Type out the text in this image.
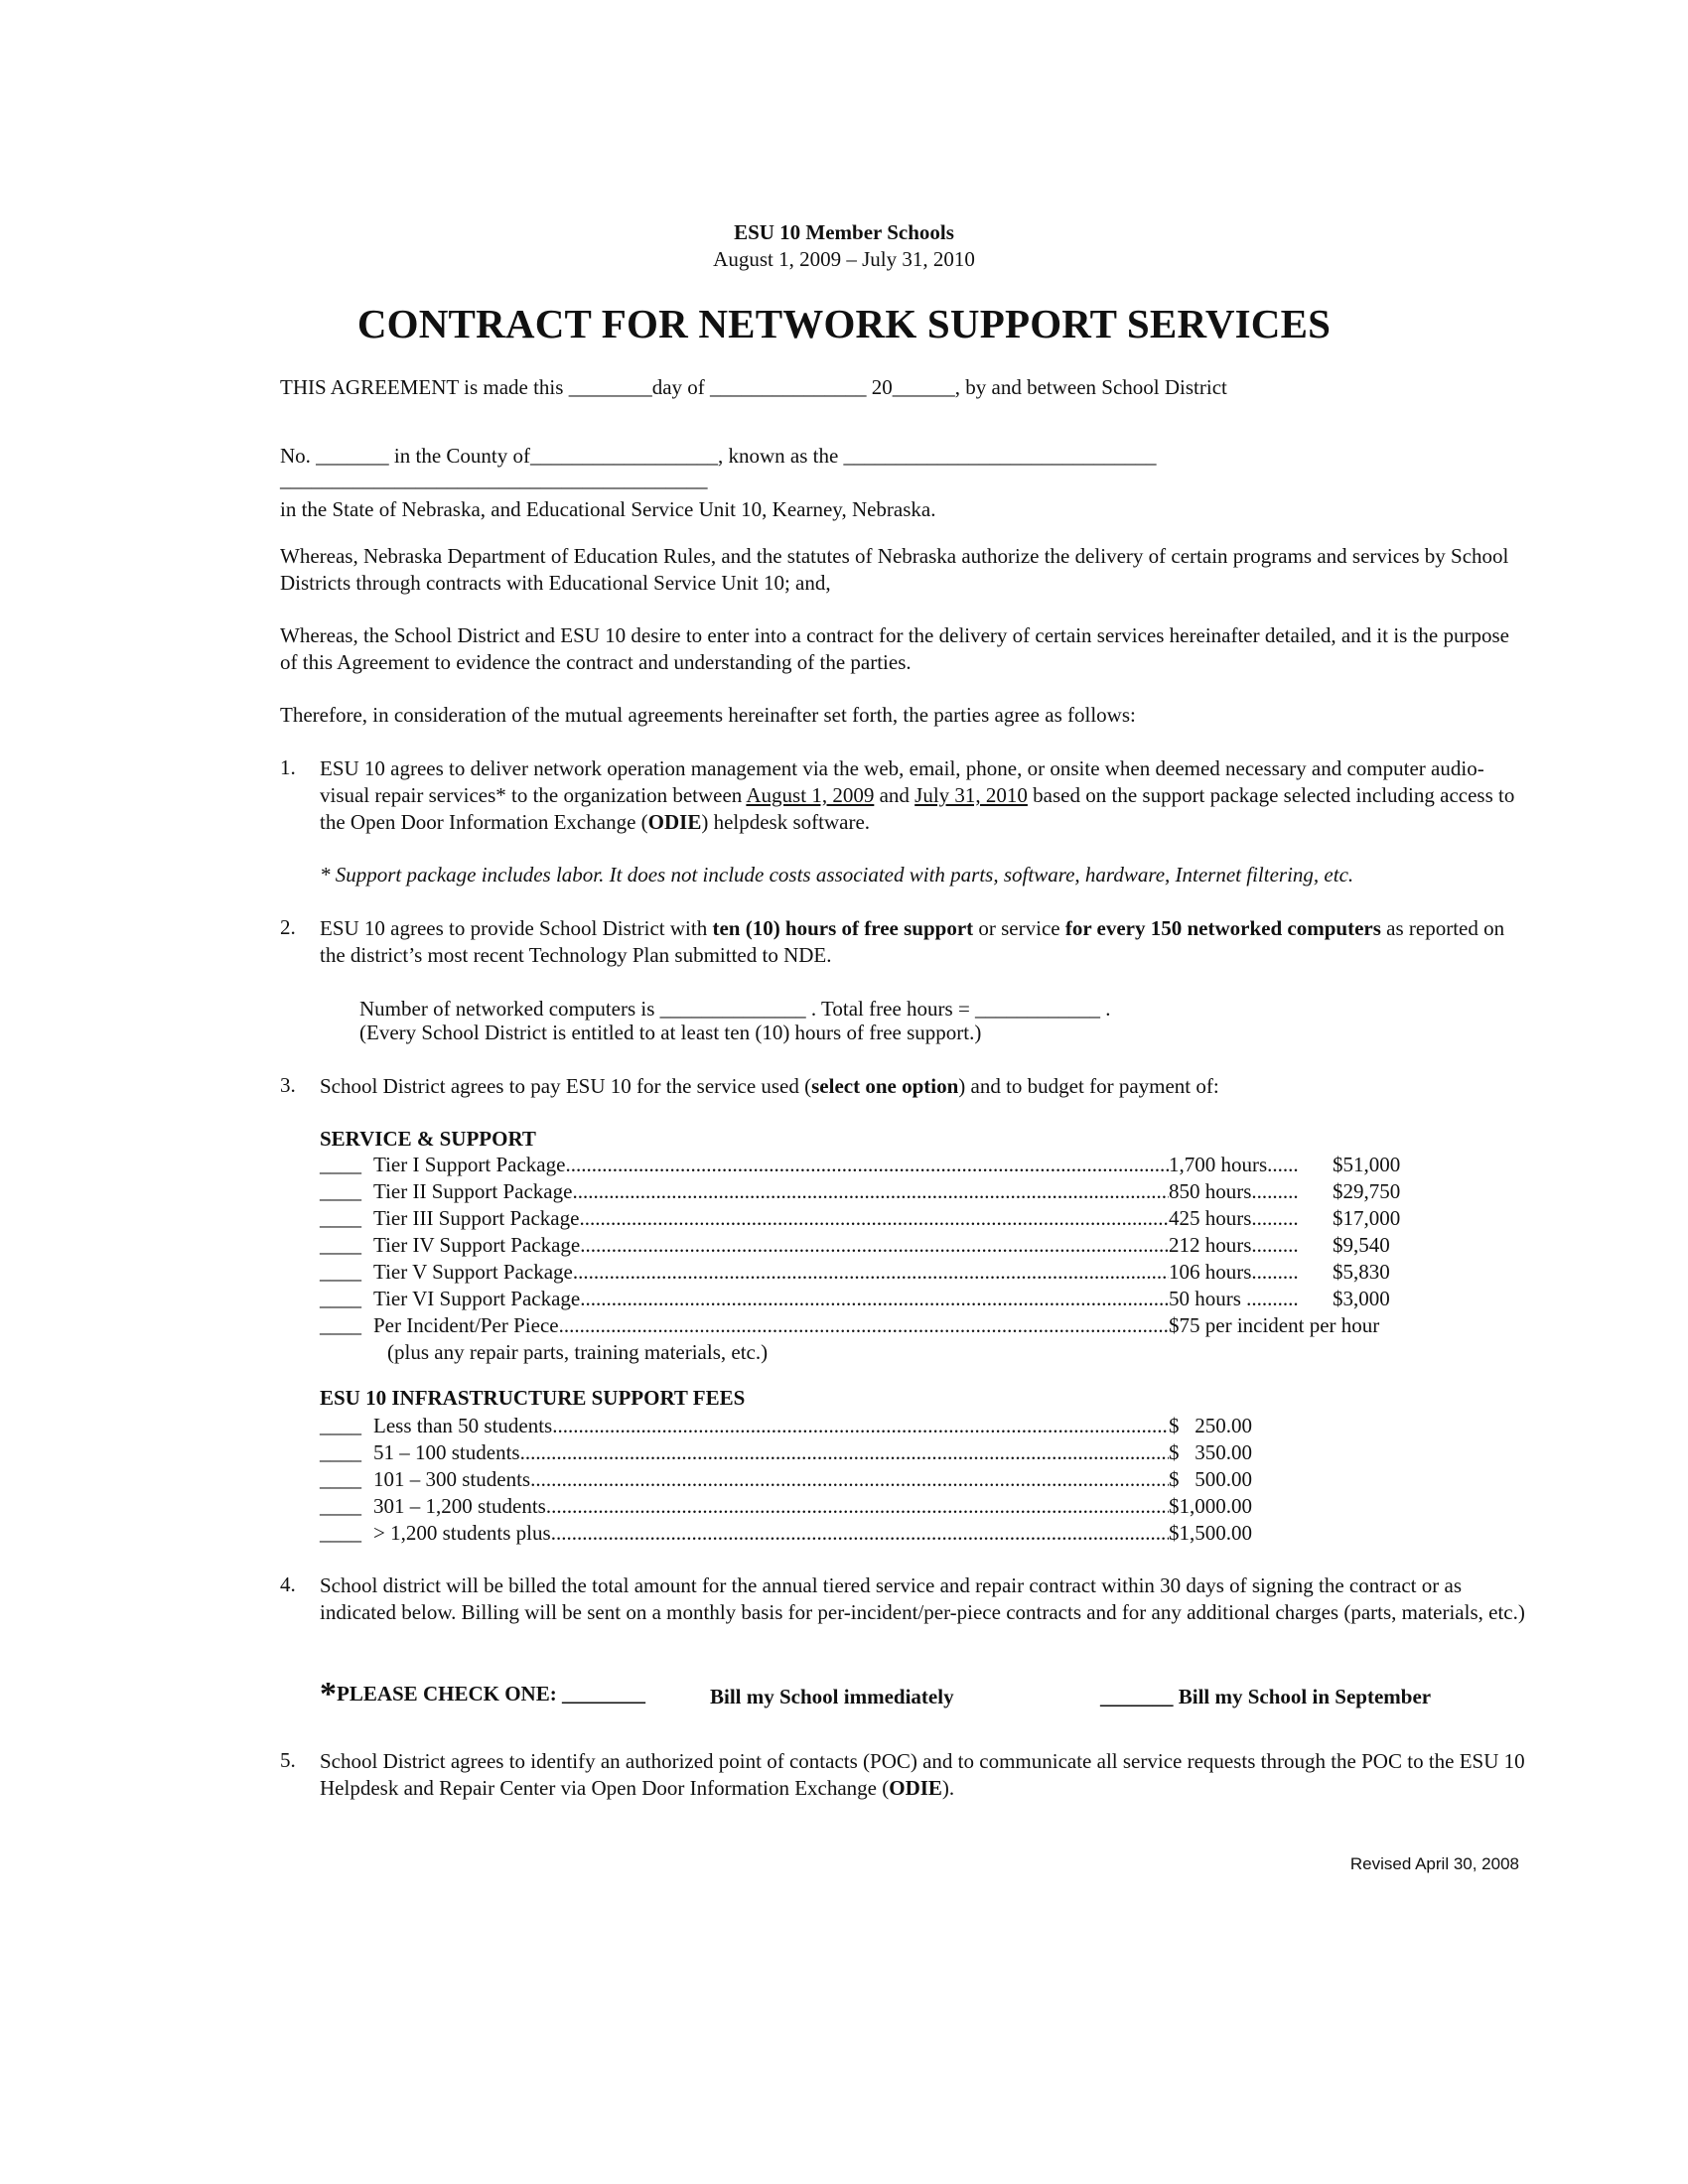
ESU 10 Member Schools
August 1, 2009 – July 31, 2010
CONTRACT FOR NETWORK SUPPORT SERVICES
THIS AGREEMENT is made this ________day of _______________ 20______, by and between School District
No. _______ in the County of__________________, known as the ______________________________
_________________________________________
in the State of Nebraska, and Educational Service Unit 10, Kearney, Nebraska.

Whereas, Nebraska Department of Education Rules, and the statutes of Nebraska authorize the delivery of certain programs and services by School Districts through contracts with Educational Service Unit 10; and,

Whereas, the School District and ESU 10 desire to enter into a contract for the delivery of certain services hereinafter detailed, and it is the purpose of this Agreement to evidence the contract and understanding of the parties.

Therefore, in consideration of the mutual agreements hereinafter set forth, the parties agree as follows:

1. ESU 10 agrees to deliver network operation management via the web, email, phone, or onsite when deemed necessary and computer audio-visual repair services* to the organization between August 1, 2009 and July 31, 2010 based on the support package selected including access to the Open Door Information Exchange (ODIE) helpdesk software.

* Support package includes labor. It does not include costs associated with parts, software, hardware, Internet filtering, etc.

2. ESU 10 agrees to provide School District with ten (10) hours of free support or service for every 150 networked computers as reported on the district’s most recent Technology Plan submitted to NDE.

Number of networked computers is ______________ . Total free hours = ____________ .
(Every School District is entitled to at least ten (10) hours of free support.)
3. School District agrees to pay ESU 10 for the service used (select one option) and to budget for payment of:

SERVICE & SUPPORT
____ Tier I Support Package .....	1,700 hours......	$51,000
____ Tier II Support Package .....	850 hours.........	$29,750
____ Tier III Support Package .....	425 hours.........	$17,000
____ Tier IV Support Package .....	212 hours.........	$9,540
____ Tier V Support Package .....	106 hours.........	$5,830
____ Tier VI Support Package .....	50 hours ..........	$3,000
____ Per Incident/Per Piece .....	$75 per incident per hour
(plus any repair parts, training materials, etc.)
ESU 10 INFRASTRUCTURE SUPPORT FEES
____ Less than 50 students .....	$   250.00
____ 51 – 100 students .....	$   350.00
____ 101 – 300 students .....	$   500.00
____ 301 – 1,200 students .....	$1,000.00
____ > 1,200 students plus .....	$1,500.00
4. School district will be billed the total amount for the annual tiered service and repair contract within 30 days of signing the contract or as indicated below. Billing will be sent on a monthly basis for per-incident/per-piece contracts and for any additional charges (parts, materials, etc.)

*PLEASE CHECK ONE: ________	Bill my School immediately	_______ Bill my School in September
5. School District agrees to identify an authorized point of contacts (POC) and to communicate all service requests through the POC to the ESU 10 Helpdesk and Repair Center via Open Door Information Exchange (ODIE).

Revised April 30, 2008
